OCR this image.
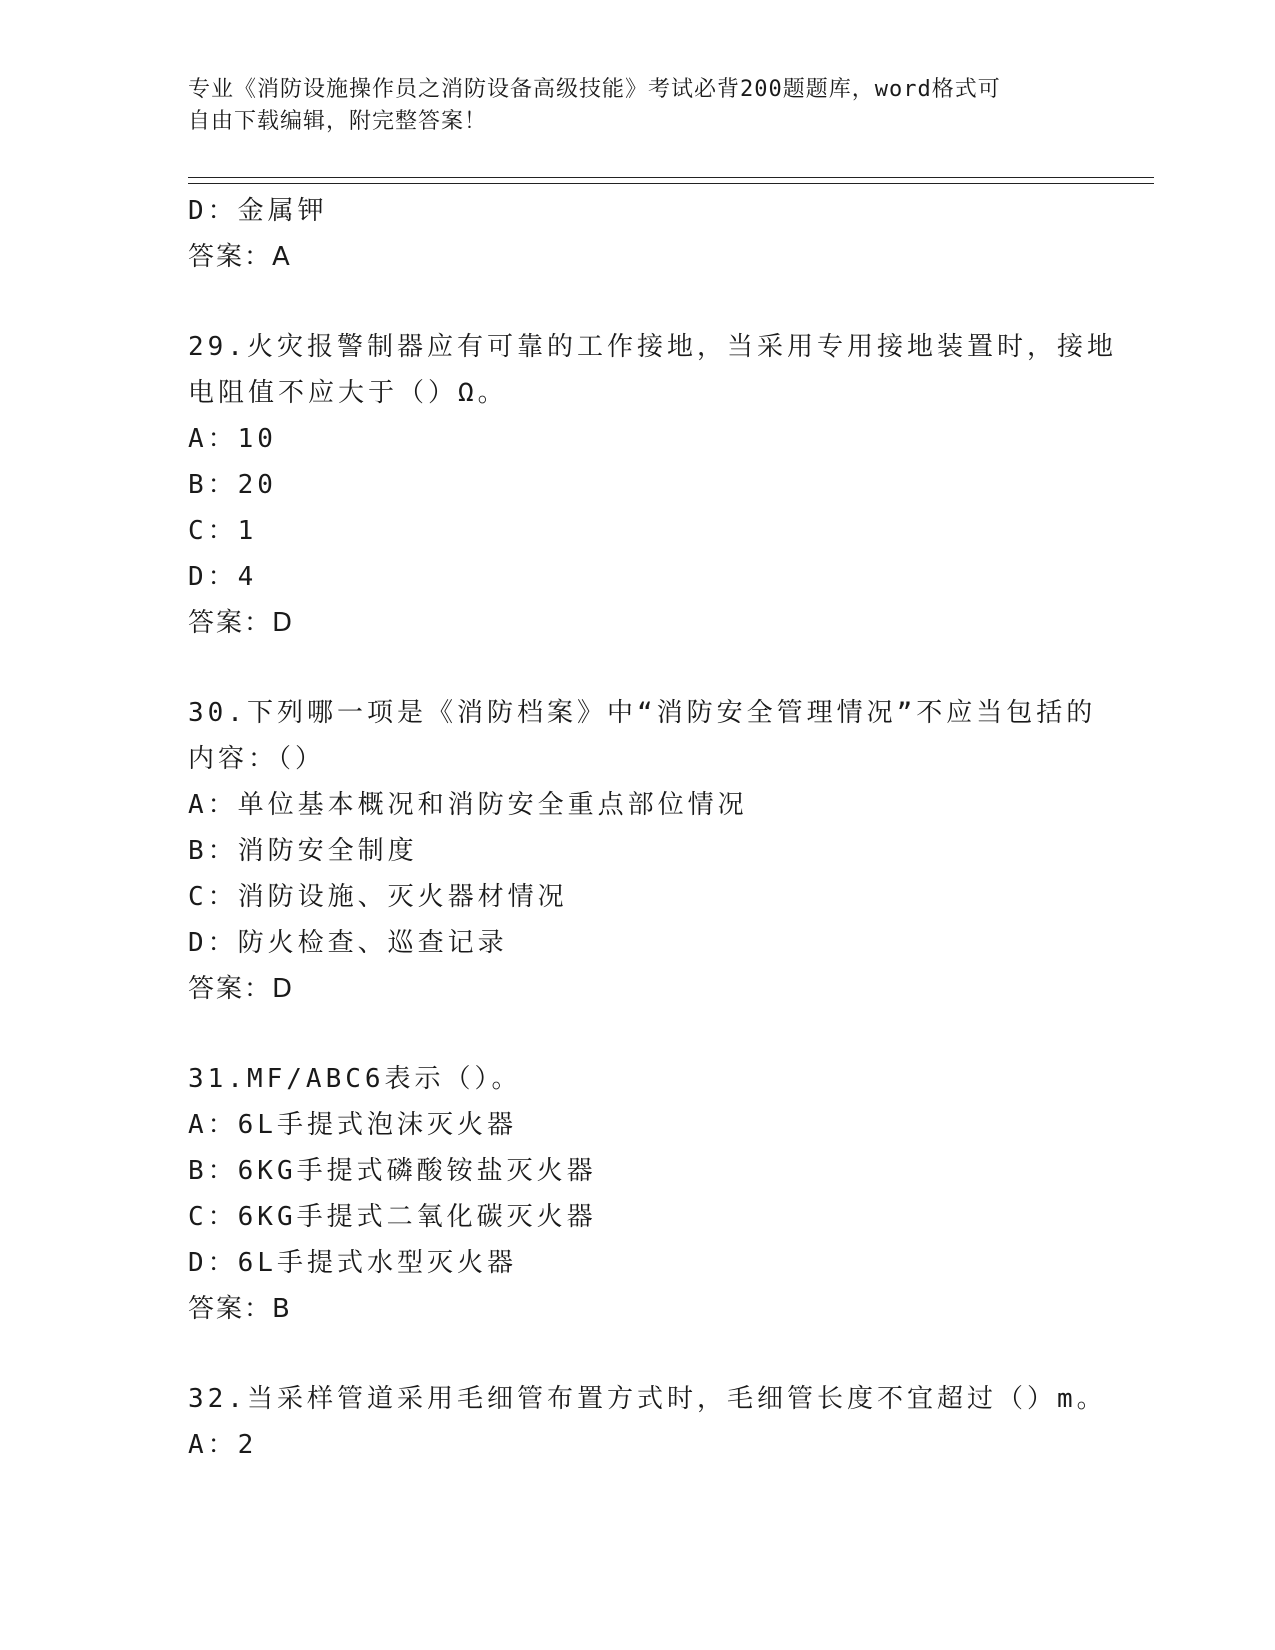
专业《消防设施操作员之消防设备高级技能》考试必背200题题库，word格式可
自由下载编辑，附完整答案！
D：金属钾
答案：A
29.火灾报警制器应有可靠的工作接地，当采用专用接地装置时，接地
电阻值不应大于（）Ω。
A：10
B：20
C：1
D：4
答案：D
30.下列哪一项是《消防档案》中“消防安全管理情况”不应当包括的
内容：（）
A：单位基本概况和消防安全重点部位情况
B：消防安全制度
C：消防设施、灭火器材情况
D：防火检查、巡查记录
答案：D
31.MF/ABC6表示（）。
A：6L手提式泡沫灭火器
B：6KG手提式磷酸铵盐灭火器
C：6KG手提式二氧化碳灭火器
D：6L手提式水型灭火器
答案：B
32.当采样管道采用毛细管布置方式时，毛细管长度不宜超过（）m。
A：2
